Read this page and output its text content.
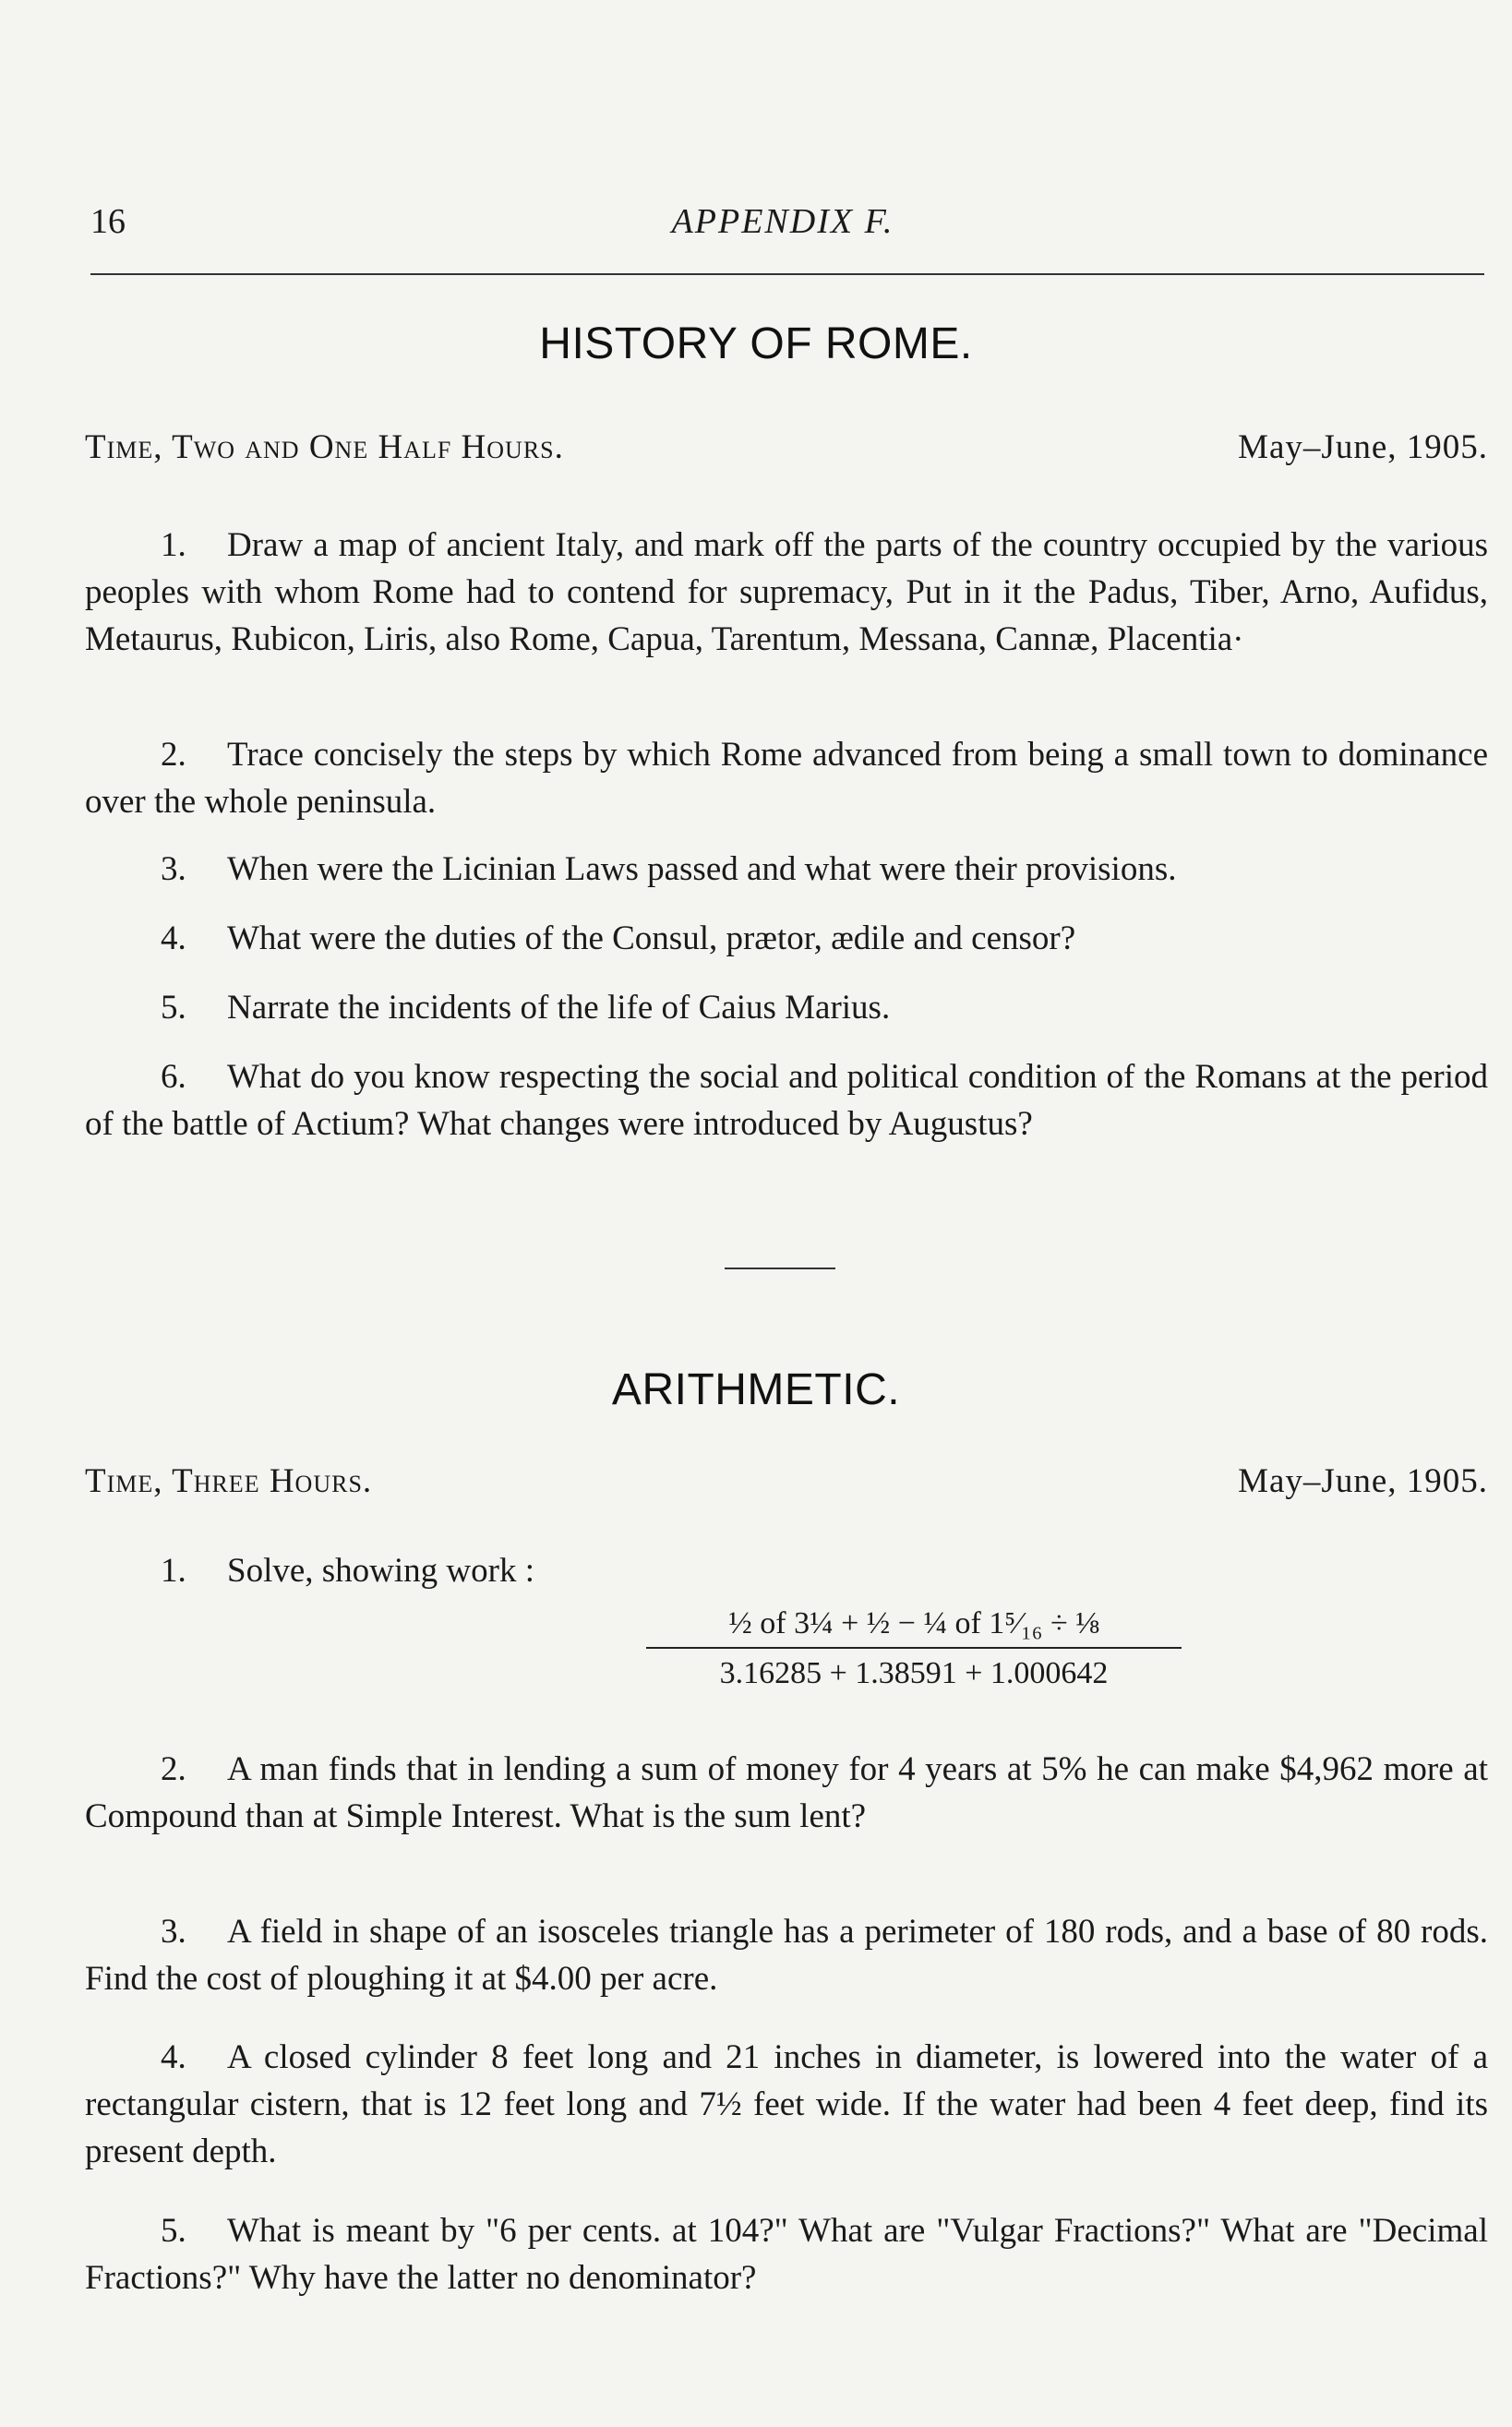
16	APPENDIX F.
HISTORY OF ROME.
Time, Two and One Half Hours.	May–June, 1905.
1. Draw a map of ancient Italy, and mark off the parts of the country occupied by the various peoples with whom Rome had to contend for supremacy, Put in it the Padus, Tiber, Arno, Aufidus, Metaurus, Rubicon, Liris, also Rome, Capua, Tarentum, Messana, Cannæ, Placentia·
2. Trace concisely the steps by which Rome advanced from being a small town to dominance over the whole peninsula.
3. When were the Licinian Laws passed and what were their provisions.
4. What were the duties of the Consul, prætor, ædile and censor?
5. Narrate the incidents of the life of Caius Marius.
6. What do you know respecting the social and political condition of the Romans at the period of the battle of Actium? What changes were introduced by Augustus?
ARITHMETIC.
Time, Three Hours.	May–June, 1905.
1. Solve, showing work :
$\frac{\text{½ of 3¼ + ½ − ¼ of 1⁵⁄₁₆ ÷ ⅛}}{3.16285 + 1.38591 + 1.000642}$
2. A man finds that in lending a sum of money for 4 years at 5% he can make $4,962 more at Compound than at Simple Interest. What is the sum lent?
3. A field in shape of an isosceles triangle has a perimeter of 180 rods, and a base of 80 rods. Find the cost of ploughing it at $4.00 per acre.
4. A closed cylinder 8 feet long and 21 inches in diameter, is lowered into the water of a rectangular cistern, that is 12 feet long and 7½ feet wide. If the water had been 4 feet deep, find its present depth.
5. What is meant by "6 per cents. at 104?" What are "Vulgar Fractions?" What are "Decimal Fractions?" Why have the latter no denominator?
